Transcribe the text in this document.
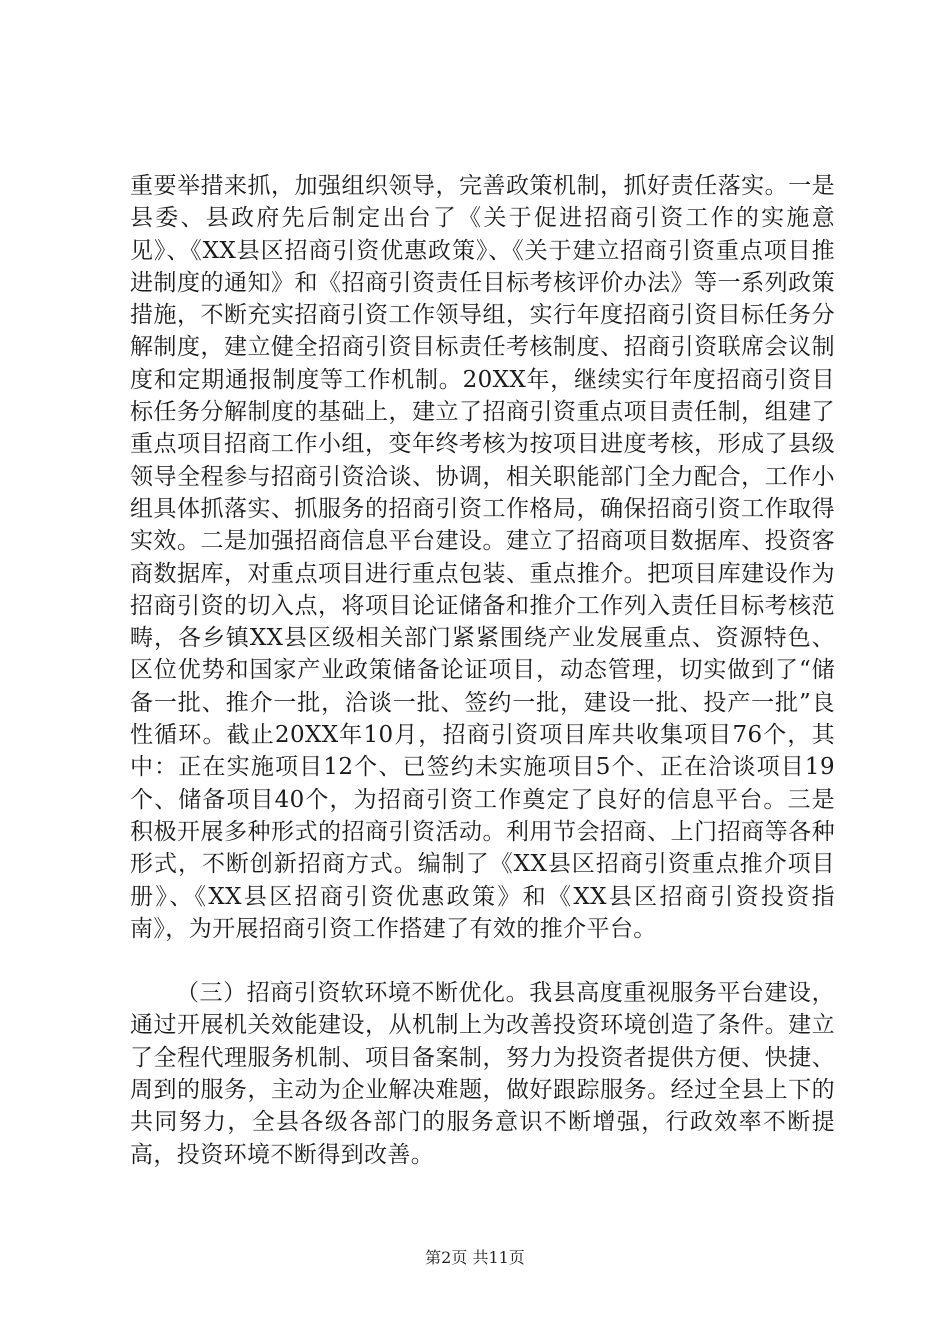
重要举措来抓，加强组织领导，完善政策机制，抓好责任落实。一是县委、县政府先后制定出台了《关于促进招商引资工作的实施意见》、《XX县区招商引资优惠政策》、《关于建立招商引资重点项目推进制度的通知》和《招商引资责任目标考核评价办法》等一系列政策措施，不断充实招商引资工作领导组，实行年度招商引资目标任务分解制度，建立健全招商引资目标责任考核制度、招商引资联席会议制度和定期通报制度等工作机制。20XX年，继续实行年度招商引资目标任务分解制度的基础上，建立了招商引资重点项目责任制，组建了重点项目招商工作小组，变年终考核为按项目进度考核，形成了县级领导全程参与招商引资洽谈、协调，相关职能部门全力配合，工作小组具体抓落实、抓服务的招商引资工作格局，确保招商引资工作取得实效。二是加强招商信息平台建设。建立了招商项目数据库、投资客商数据库，对重点项目进行重点包装、重点推介。把项目库建设作为招商引资的切入点，将项目论证储备和推介工作列入责任目标考核范畴，各乡镇XX县区级相关部门紧紧围绕产业发展重点、资源特色、区位优势和国家产业政策储备论证项目，动态管理，切实做到了“储备一批、推介一批，洽谈一批、签约一批，建设一批、投产一批”良性循环。截止20XX年10月，招商引资项目库共收集项目76个，其中：正在实施项目12个、已签约未实施项目5个、正在洽谈项目19个、储备项目40个，为招商引资工作奠定了良好的信息平台。三是积极开展多种形式的招商引资活动。利用节会招商、上门招商等各种形式，不断创新招商方式。编制了《XX县区招商引资重点推介项目册》、《XX县区招商引资优惠政策》和《XX县区招商引资投资指南》，为开展招商引资工作搭建了有效的推介平台。

（三）招商引资软环境不断优化。我县高度重视服务平台建设，通过开展机关效能建设，从机制上为改善投资环境创造了条件。建立了全程代理服务机制、项目备案制，努力为投资者提供方便、快捷、周到的服务，主动为企业解决难题，做好跟踪服务。经过全县上下的共同努力，全县各级各部门的服务意识不断增强，行政效率不断提高，投资环境不断得到改善。

第2页 共11页
